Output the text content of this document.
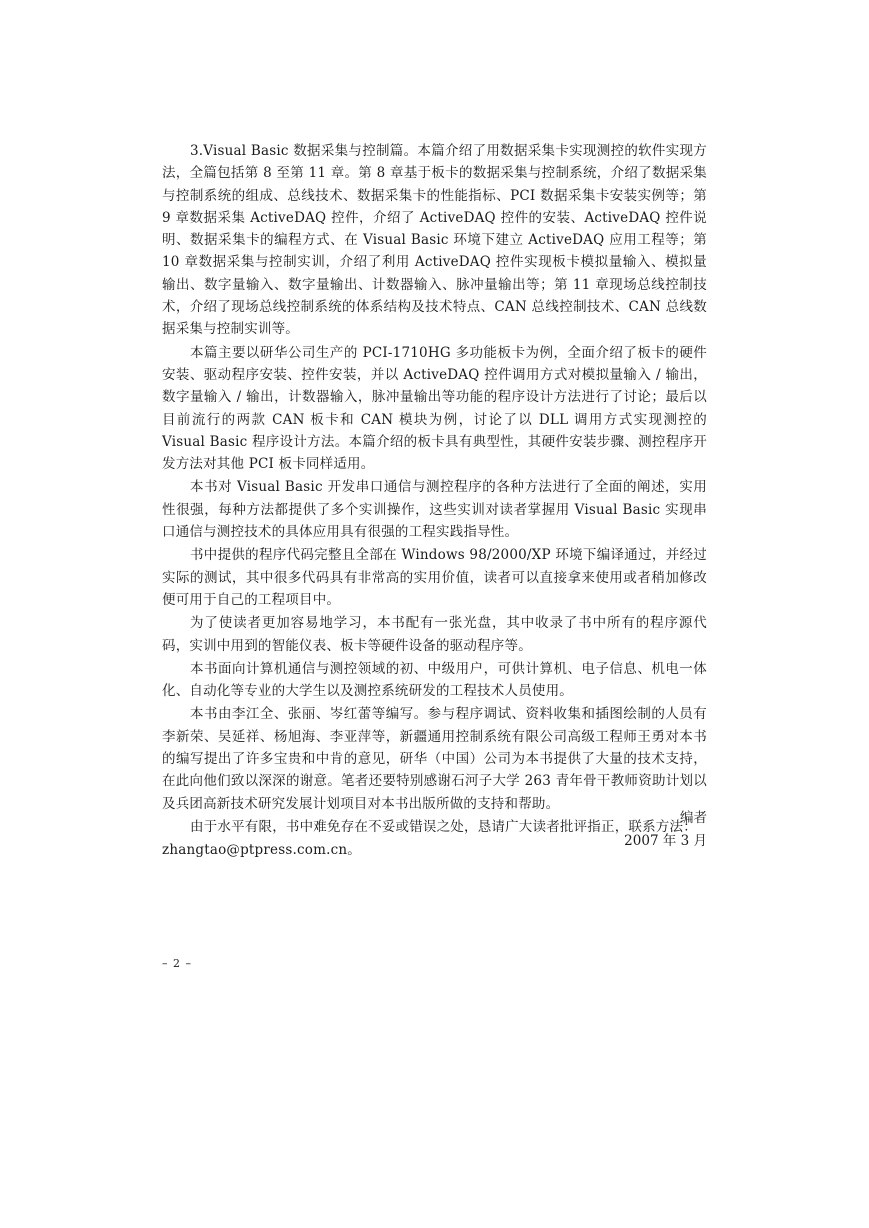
3.Visual Basic 数据采集与控制篇。本篇介绍了用数据采集卡实现测控的软件实现方法，全篇包括第 8 至第 11 章。第 8 章基于板卡的数据采集与控制系统，介绍了数据采集与控制系统的组成、总线技术、数据采集卡的性能指标、PCI 数据采集卡安装实例等；第 9 章数据采集 ActiveDAQ 控件，介绍了 ActiveDAQ 控件的安装、ActiveDAQ 控件说明、数据采集卡的编程方式、在 Visual Basic 环境下建立 ActiveDAQ 应用工程等；第 10 章数据采集与控制实训，介绍了利用 ActiveDAQ 控件实现板卡模拟量输入、模拟量输出、数字量输入、数字量输出、计数器输入、脉冲量输出等；第 11 章现场总线控制技术，介绍了现场总线控制系统的体系结构及技术特点、CAN 总线控制技术、CAN 总线数据采集与控制实训等。

本篇主要以研华公司生产的 PCI-1710HG 多功能板卡为例，全面介绍了板卡的硬件安装、驱动程序安装、控件安装，并以 ActiveDAQ 控件调用方式对模拟量输入 / 输出，数字量输入 / 输出，计数器输入，脉冲量输出等功能的程序设计方法进行了讨论；最后以目前流行的两款 CAN 板卡和 CAN 模块为例，讨论了以 DLL 调用方式实现测控的 Visual Basic 程序设计方法。本篇介绍的板卡具有典型性，其硬件安装步骤、测控程序开发方法对其他 PCI 板卡同样适用。

本书对 Visual Basic 开发串口通信与测控程序的各种方法进行了全面的阐述，实用性很强，每种方法都提供了多个实训操作，这些实训对读者掌握用 Visual Basic 实现串口通信与测控技术的具体应用具有很强的工程实践指导性。

书中提供的程序代码完整且全部在 Windows 98/2000/XP 环境下编译通过，并经过实际的测试，其中很多代码具有非常高的实用价值，读者可以直接拿来使用或者稍加修改便可用于自己的工程项目中。

为了使读者更加容易地学习，本书配有一张光盘，其中收录了书中所有的程序源代码，实训中用到的智能仪表、板卡等硬件设备的驱动程序等。

本书面向计算机通信与测控领域的初、中级用户，可供计算机、电子信息、机电一体化、自动化等专业的大学生以及测控系统研发的工程技术人员使用。

本书由李江全、张丽、岑红蕾等编写。参与程序调试、资料收集和插图绘制的人员有李新荣、吴延祥、杨旭海、李亚萍等，新疆通用控制系统有限公司高级工程师王勇对本书的编写提出了许多宝贵和中肯的意见，研华（中国）公司为本书提供了大量的技术支持，在此向他们致以深深的谢意。笔者还要特别感谢石河子大学 263 青年骨干教师资助计划以及兵团高新技术研究发展计划项目对本书出版所做的支持和帮助。

由于水平有限，书中难免存在不妥或错误之处，恳请广大读者批评指正，联系方法：

zhangtao@ptpress.com.cn。

编者
2007 年 3 月
– 2 –
